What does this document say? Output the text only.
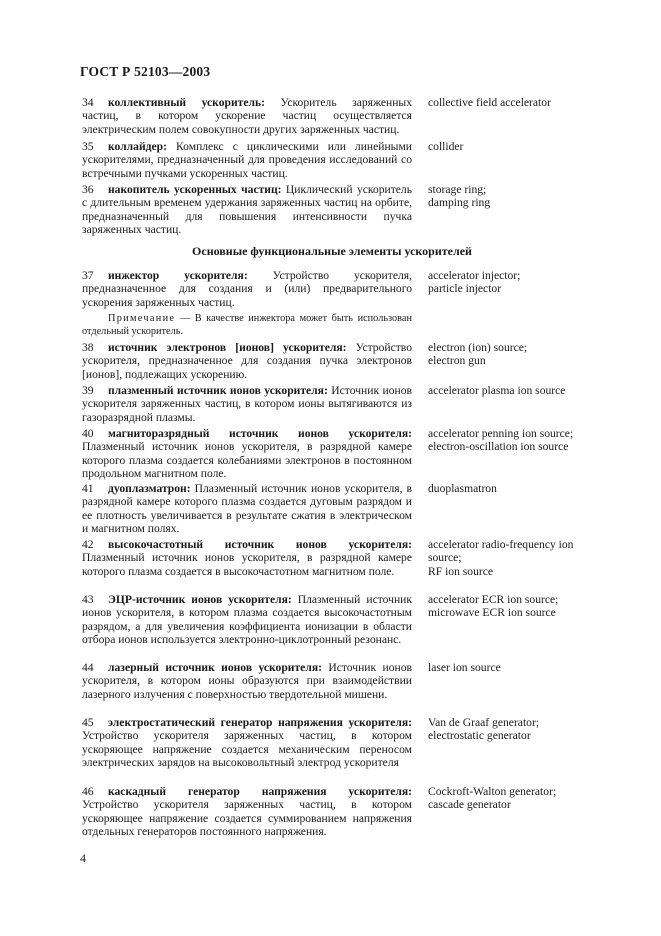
ГОСТ Р 52103—2003

34 коллективный ускоритель: Ускоритель заряженных частиц, в котором ускорение частиц осуществляется электрическим полем совокупности других заряженных частиц.

collective field accelerator

35 коллайдер: Комплекс с циклическими или линейными ускорителями, предназначенный для проведения исследований со встречными пучками ускоренных частиц.

collider

36 накопитель ускоренных частиц: Циклический ускоритель с длительным временем удержания заряженных частиц на орбите, предназначенный для повышения интенсивности пучка заряженных частиц.

storage ring;
damping ring
Основные функциональные элементы ускорителей

37 инжектор ускорителя: Устройство ускорителя, предназначенное для создания и (или) предварительного ускорения заряженных частиц.

accelerator injector;
particle injector
Примечание — В качестве инжектора может быть использован отдельный ускоритель.

38 источник электронов [ионов] ускорителя: Устройство ускорителя, предназначенное для создания пучка электронов [ионов], подлежащих ускорению.

electron (ion) source;
electron gun

39 плазменный источник ионов ускорителя: Источник ионов ускорителя заряженных частиц, в котором ионы вытягиваются из газоразрядной плазмы.

accelerator plasma ion source

40 магниторазрядный источник ионов ускорителя: Плазменный источник ионов ускорителя, в разрядной камере которого плазма создается колебаниями электронов в постоянном продольном магнитном поле.

accelerator penning ion source;
electron-oscillation ion source

41 дуоплазматрон: Плазменный источник ионов ускорителя, в разрядной камере которого плазма создается дуговым разрядом и ее плотность увеличивается в результате сжатия в электрическом и магнитном полях.

duoplasmatron

42 высокочастотный источник ионов ускорителя: Плазменный источник ионов ускорителя, в разрядной камере которого плазма создается в высокочастотном магнитном поле.

accelerator radio-frequency ion
source;
RF ion source

43 ЭЦР-источник ионов ускорителя: Плазменный источник ионов ускорителя, в котором плазма создается высокочастотным разрядом, а для увеличения коэффициента ионизации в области отбора ионов используется электронно-циклотронный резонанс.

accelerator ECR ion source;
microwave ECR ion source

44 лазерный источник ионов ускорителя: Источник ионов ускорителя, в котором ионы образуются при взаимодействии лазерного излучения с поверхностью твердотельной мишени.

laser ion source

45 электростатический генератор напряжения ускорителя: Устройство ускорителя заряженных частиц, в котором ускоряющее напряжение создается механическим переносом электрических зарядов на высоковольтный электрод ускорителя

Van de Graaf generator;
electrostatic generator

46 каскадный генератор напряжения ускорителя: Устройство ускорителя заряженных частиц, в котором ускоряющее напряжение создается суммированием напряжения отдельных генераторов постоянного напряжения.

Cockroft-Walton generator;
cascade generator
4
